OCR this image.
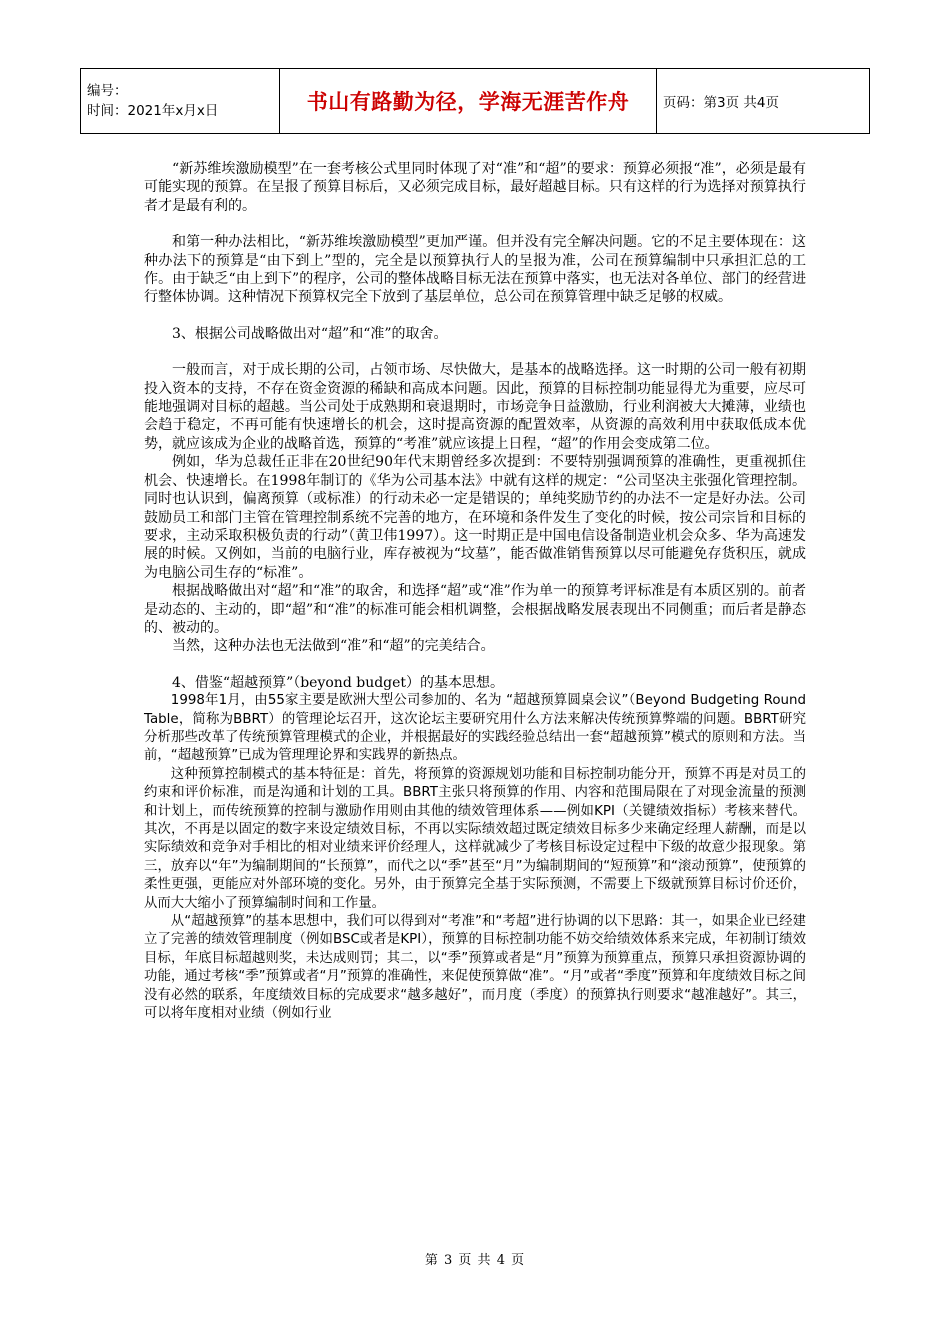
编号：
时间：2021年x月x日	书山有路勤为径，学海无涯苦作舟	页码：第3页 共4页

“新苏维埃激励模型”在一套考核公式里同时体现了对“准”和“超”的要求：预算必须报“准”，必须是最有可能实现的预算。在呈报了预算目标后，又必须完成目标，最好超越目标。只有这样的行为选择对预算执行者才是最有利的。

和第一种办法相比，“新苏维埃激励模型”更加严谨。但并没有完全解决问题。它的不足主要体现在：这种办法下的预算是“由下到上”型的，完全是以预算执行人的呈报为准，公司在预算编制中只承担汇总的工作。由于缺乏“由上到下”的程序，公司的整体战略目标无法在预算中落实，也无法对各单位、部门的经营进行整体协调。这种情况下预算权完全下放到了基层单位，总公司在预算管理中缺乏足够的权威。

3、根据公司战略做出对“超”和“准”的取舍。

一般而言，对于成长期的公司，占领市场、尽快做大，是基本的战略选择。这一时期的公司一般有初期投入资本的支持，不存在资金资源的稀缺和高成本问题。因此，预算的目标控制功能显得尤为重要，应尽可能地强调对目标的超越。当公司处于成熟期和衰退期时，市场竞争日益激励，行业利润被大大摊薄，业绩也会趋于稳定，不再可能有快速增长的机会，这时提高资源的配置效率，从资源的高效利用中获取低成本优势，就应该成为企业的战略首选，预算的“考准”就应该提上日程，“超”的作用会变成第二位。

例如，华为总裁任正非在20世纪90年代末期曾经多次提到：不要特别强调预算的准确性，更重视抓住机会、快速增长。在1998年制订的《华为公司基本法》中就有这样的规定：“公司坚决主张强化管理控制。同时也认识到，偏离预算（或标准）的行动未必一定是错误的；单纯奖励节约的办法不一定是好办法。公司鼓励员工和部门主管在管理控制系统不完善的地方，在环境和条件发生了变化的时候，按公司宗旨和目标的要求，主动采取积极负责的行动”（黄卫伟1997）。这一时期正是中国电信设备制造业机会众多、华为高速发展的时候。又例如，当前的电脑行业，库存被视为“坟墓”，能否做准销售预算以尽可能避免存货积压，就成为电脑公司生存的“标准”。

根据战略做出对“超”和“准”的取舍，和选择“超”或“准”作为单一的预算考评标准是有本质区别的。前者是动态的、主动的，即“超”和“准”的标准可能会相机调整，会根据战略发展表现出不同侧重；而后者是静态的、被动的。

当然，这种办法也无法做到“准”和“超”的完美结合。

4、借鉴“超越预算”（beyond budget）的基本思想。

1998年1月，由55家主要是欧洲大型公司参加的、名为 “超越预算圆桌会议”（Beyond Budgeting Round Table，简称为BBRT）的管理论坛召开，这次论坛主要研究用什么方法来解决传统预算弊端的问题。BBRT研究分析那些改革了传统预算管理模式的企业，并根据最好的实践经验总结出一套“超越预算”模式的原则和方法。当前，“超越预算”已成为管理理论界和实践界的新热点。

这种预算控制模式的基本特征是：首先，将预算的资源规划功能和目标控制功能分开，预算不再是对员工的约束和评价标准，而是沟通和计划的工具。BBRT主张只将预算的作用、内容和范围局限在了对现金流量的预测和计划上，而传统预算的控制与激励作用则由其他的绩效管理体系——例如KPI（关键绩效指标）考核来替代。其次，不再是以固定的数字来设定绩效目标，不再以实际绩效超过既定绩效目标多少来确定经理人薪酬，而是以实际绩效和竞争对手相比的相对业绩来评价经理人，这样就减少了考核目标设定过程中下级的故意少报现象。第三，放弃以“年”为编制期间的“长预算”，而代之以“季”甚至“月”为编制期间的“短预算”和“滚动预算”，使预算的柔性更强，更能应对外部环境的变化。另外，由于预算完全基于实际预测，不需要上下级就预算目标讨价还价，从而大大缩小了预算编制时间和工作量。

从“超越预算”的基本思想中，我们可以得到对“考准”和“考超”进行协调的以下思路：其一，如果企业已经建立了完善的绩效管理制度（例如BSC或者是KPI），预算的目标控制功能不妨交给绩效体系来完成，年初制订绩效目标，年底目标超越则奖，未达成则罚；其二，以“季”预算或者是“月”预算为预算重点，预算只承担资源协调的功能，通过考核“季”预算或者“月”预算的准确性，来促使预算做“准”。“月”或者“季度”预算和年度绩效目标之间没有必然的联系，年度绩效目标的完成要求“越多越好”，而月度（季度）的预算执行则要求“越准越好”。其三，可以将年度相对业绩（例如行业

第 3 页 共 4 页
